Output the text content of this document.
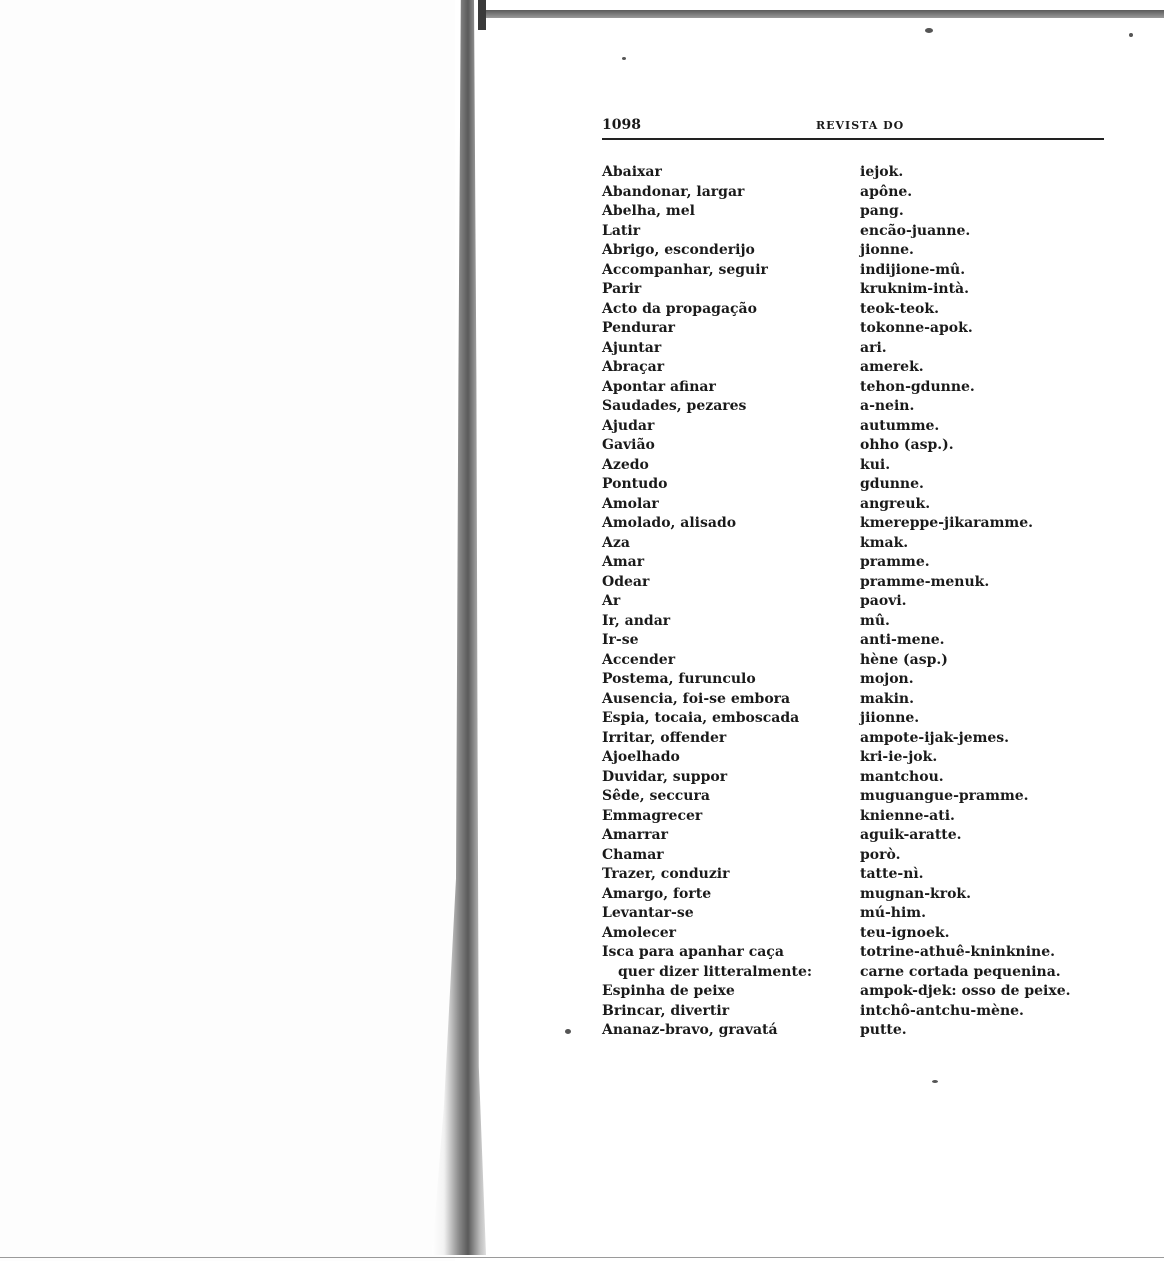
1098	REVISTA DO
Abaixar	iejok.
Abandonar, largar	apône.
Abelha, mel	pang.
Latir	encão-juanne.
Abrigo, esconderijo	jionne.
Accompanhar, seguir	indijione-mû.
Parir	kruknim-intà.
Acto da propagação	teok-teok.
Pendurar	tokonne-apok.
Ajuntar	ari.
Abraçar	amerek.
Apontar afinar	tehon-gdunne.
Saudades, pezares	a-nein.
Ajudar	autumme.
Gavião	ohho (asp.).
Azedo	kui.
Pontudo	gdunne.
Amolar	angreuk.
Amolado, alisado	kmereppe-jikaramme.
Aza	kmak.
Amar	pramme.
Odear	pramme-menuk.
Ar	paovi.
Ir, andar	mû.
Ir-se	anti-mene.
Accender	hène (asp.)
Postema, furunculo	mojon.
Ausencia, foi-se embora	makin.
Espia, tocaia, emboscada	jiionne.
Irritar, offender	ampote-ijak-jemes.
Ajoelhado	kri-ie-jok.
Duvidar, suppor	mantchou.
Sêde, seccura	muguangue-pramme.
Emmagrecer	knienne-ati.
Amarrar	aguik-aratte.
Chamar	porò.
Trazer, conduzir	tatte-nì.
Amargo, forte	mugnan-krok.
Levantar-se	mú-him.
Amolecer	teu-ignoek.
Isca para apanhar caça	totrine-athuê-kninknine.
quer dizer litteralmente:	carne cortada pequenina.
Espinha de peixe	ampok-djek: osso de peixe.
Brincar, divertir	intchô-antchu-mène.
Ananaz-bravo, gravatá	putte.
